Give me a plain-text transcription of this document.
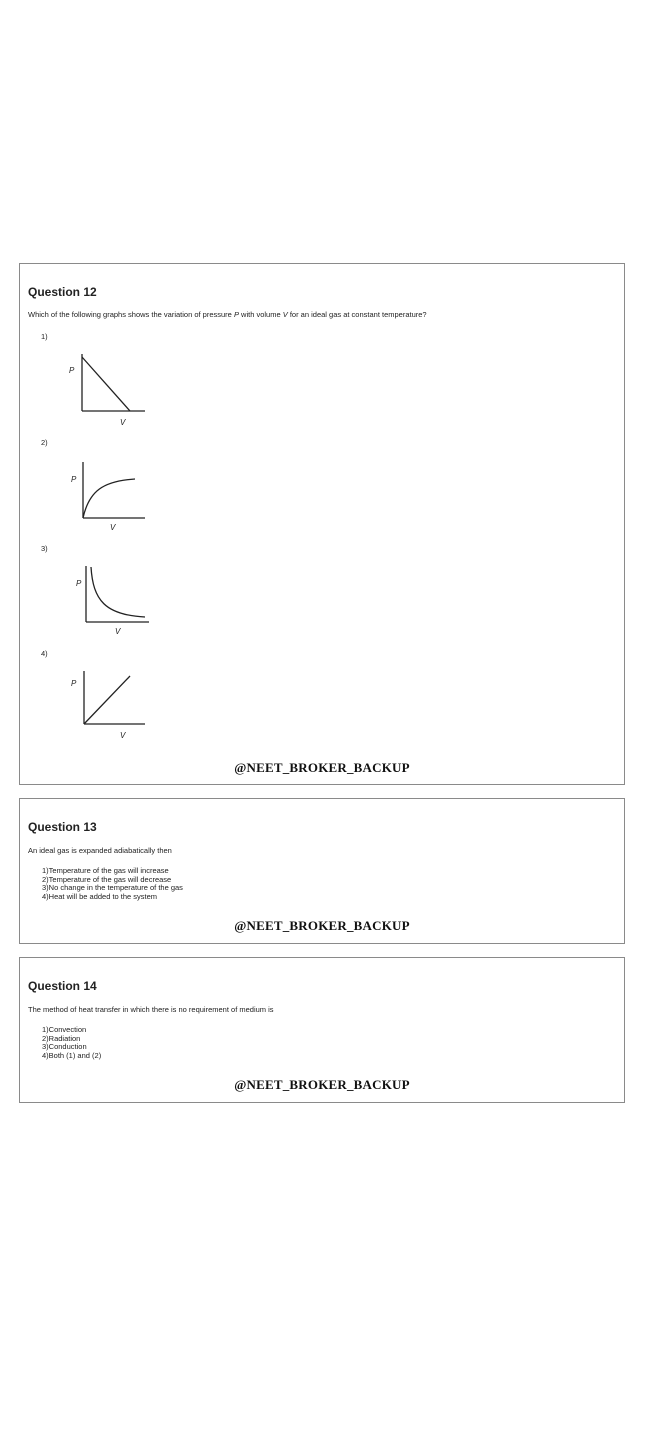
Question 12
Which of the following graphs shows the variation of pressure P with volume V for an ideal gas at constant temperature?
1)
P
V
2)
P
V
3)
P
V
4)
P
V
@NEET_BROKER_BACKUP
Question 13
An ideal gas is expanded adiabatically then
1)Temperature of the gas will increase
2)Temperature of the gas will decrease
3)No change in the temperature of the gas
4)Heat will be added to the system
@NEET_BROKER_BACKUP
Question 14
The method of heat transfer in which there is no requirement of medium is
1)Convection
2)Radiation
3)Conduction
4)Both (1) and (2)
@NEET_BROKER_BACKUP
